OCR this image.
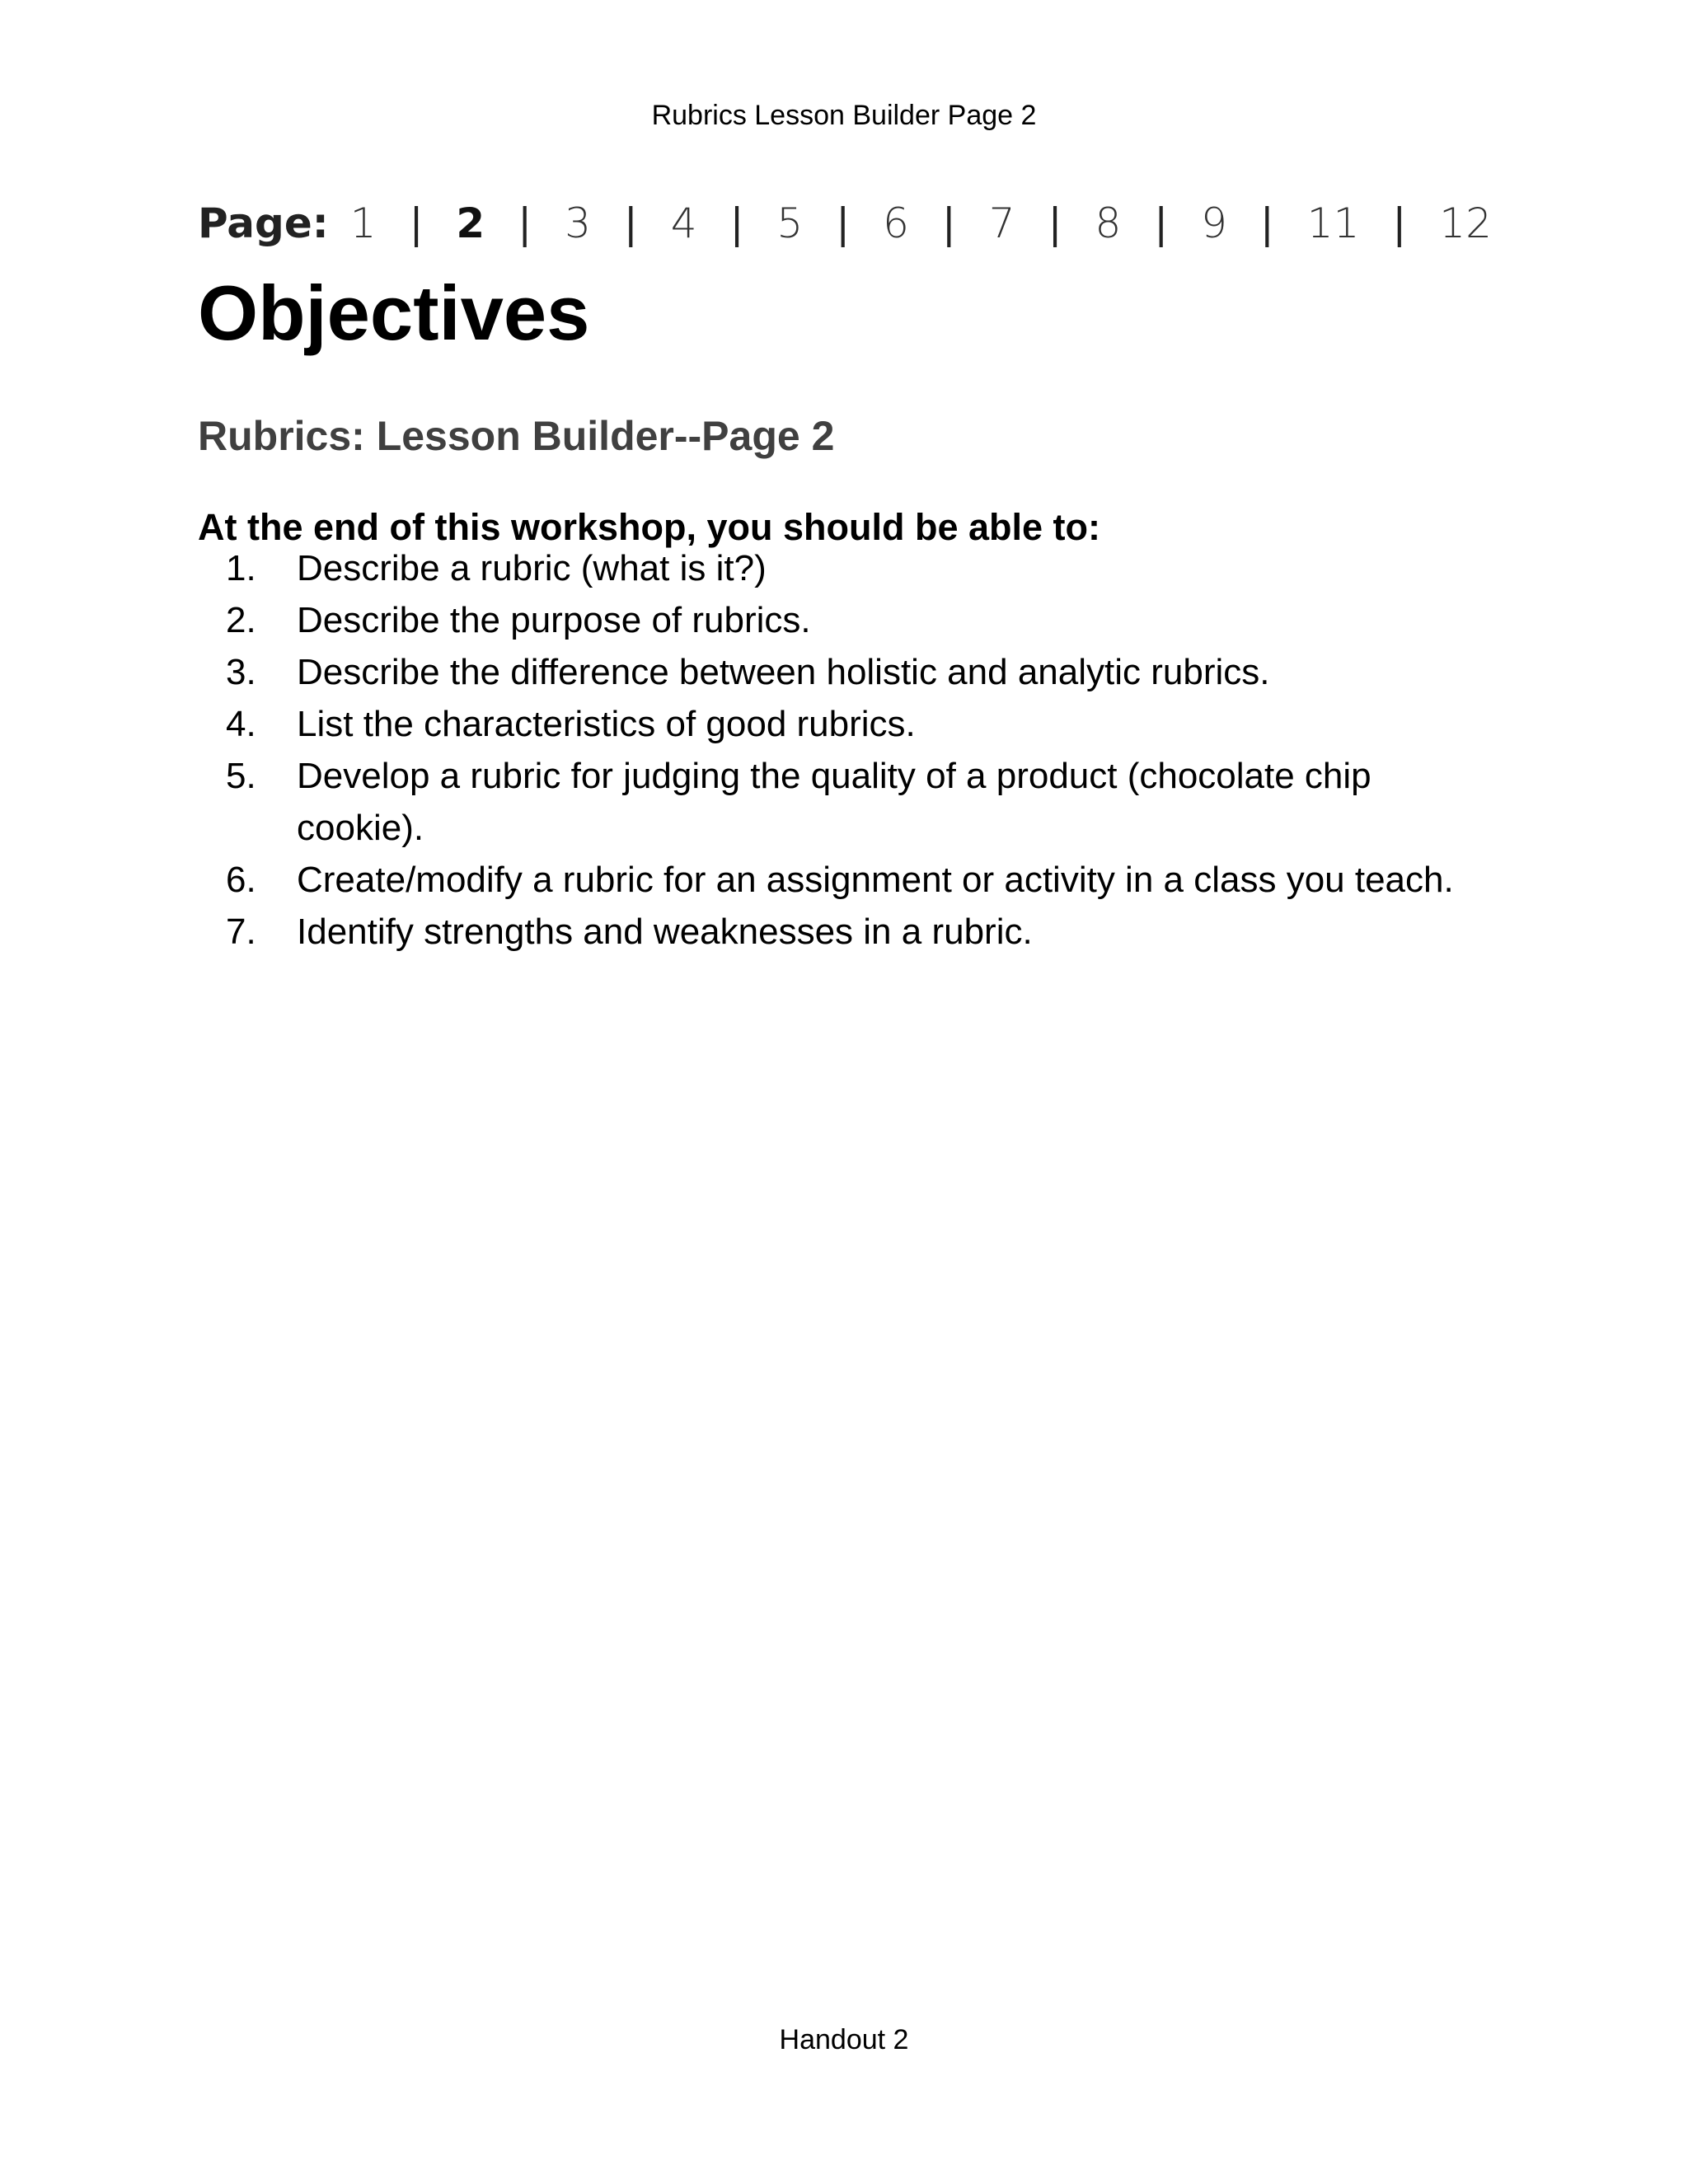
Rubrics Lesson Builder Page 2
Page: 1 | 2 | 3 | 4 | 5 | 6 | 7 | 8 | 9 | 11 | 12
Objectives
Rubrics: Lesson Builder--Page 2

At the end of this workshop, you should be able to:

1. Describe a rubric (what is it?)
2. Describe the purpose of rubrics.
3. Describe the difference between holistic and analytic rubrics.
4. List the characteristics of good rubrics.
5. Develop a rubric for judging the quality of a product (chocolate chip cookie).
6. Create/modify a rubric for an assignment or activity in a class you teach.
7. Identify strengths and weaknesses in a rubric.
Handout 2
